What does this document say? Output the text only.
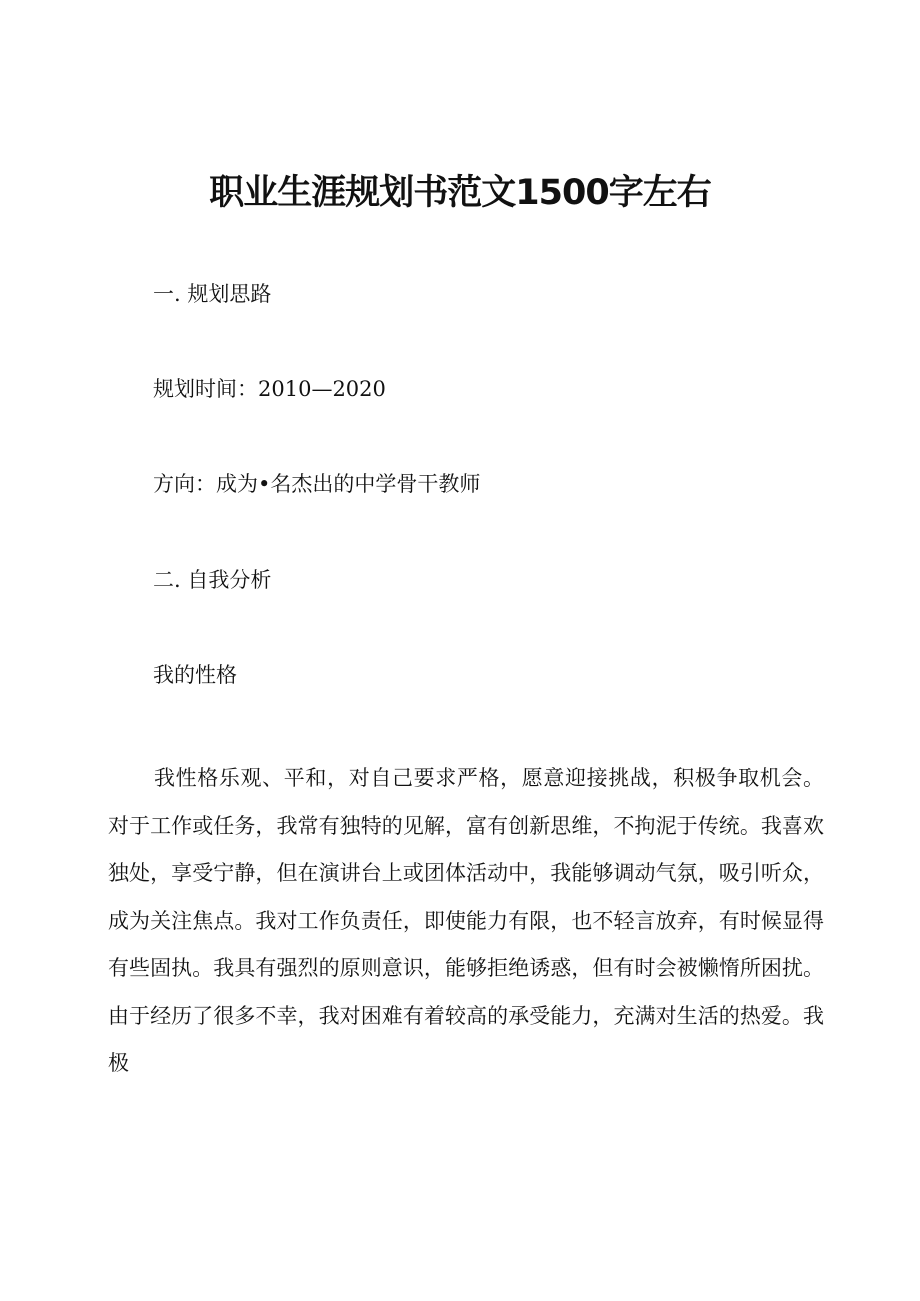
职业生涯规划书范文1500字左右

一. 规划思路

规划时间：2010—2020

方向：成为•名杰出的中学骨干教师

二. 自我分析

我的性格

我性格乐观、平和，对自己要求严格，愿意迎接挑战，积极争取机会。对于工作或任务，我常有独特的见解，富有创新思维，不拘泥于传统。我喜欢独处，享受宁静，但在演讲台上或团体活动中，我能够调动气氛，吸引听众，成为关注焦点。我对工作负责任，即使能力有限，也不轻言放弃，有时候显得有些固执。我具有强烈的原则意识，能够拒绝诱惑，但有时会被懒惰所困扰。由于经历了很多不幸，我对困难有着较高的承受能力，充满对生活的热爱。我极
